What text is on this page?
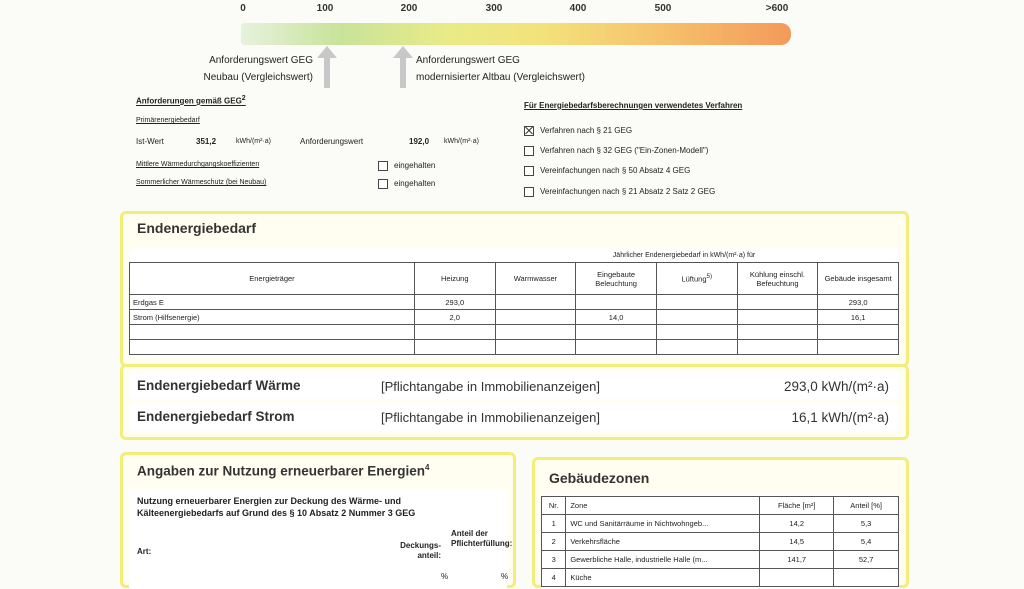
0	100	200	300	400	500	>600
Anforderungswert GEG
Neubau (Vergleichswert)
Anforderungswert GEG
modernisierter Altbau (Vergleichswert)
Anforderungen gemäß GEG$^2$
Primärenergiebedarf
Ist-Wert	351,2	kWh/(m²·a)	Anforderungswert	192,0 kWh/(m²·a)
Mittlere Wärmedurchgangskoeffizienten	eingehalten
Sommerlicher Wärmeschutz (bei Neubau)	eingehalten
Für Energiebedarfsberechnungen verwendetes Verfahren
Verfahren nach § 21 GEG
Verfahren nach § 32 GEG ("Ein-Zonen-Modell")
Vereinfachungen nach § 50 Absatz 4 GEG
Vereinfachungen nach § 21 Absatz 2 Satz 2 GEG
Endenergiebedarf
Jährlicher Endenergiebedarf in kWh/(m²·a) für
Energieträger	Heizung	Warmwasser	Eingebaute Beleuchtung	Lüftung$^{5)}$	Kühlung einschl. Befeuchtung	Gebäude insgesamt
Erdgas E	293,0					293,0
Strom (Hilfsenergie)	2,0		14,0			16,1

Endenergiebedarf Wärme	[Pflichtangabe in Immobilienanzeigen]	293,0 kWh/(m²·a)
Endenergiebedarf Strom	[Pflichtangabe in Immobilienanzeigen]	16,1 kWh/(m²·a)
Angaben zur Nutzung erneuerbarer Energien$^4$
Nutzung erneuerbarer Energien zur Deckung des Wärme- und Kälteenergiebedarfs auf Grund des § 10 Absatz 2 Nummer 3 GEG
Art:
Deckungs-anteil:
Anteil der Pflichterfüllung:
%	%
Gebäudezonen
Nr.	Zone	Fläche [m²]	Anteil [%]
1	WC und Sanitärräume in Nichtwohngeb...	14,2	5,3
2	Verkehrsfläche	14,5	5,4
3	Gewerbliche Halle, industrielle Halle (m...	141,7	52,7
4	Küche		
